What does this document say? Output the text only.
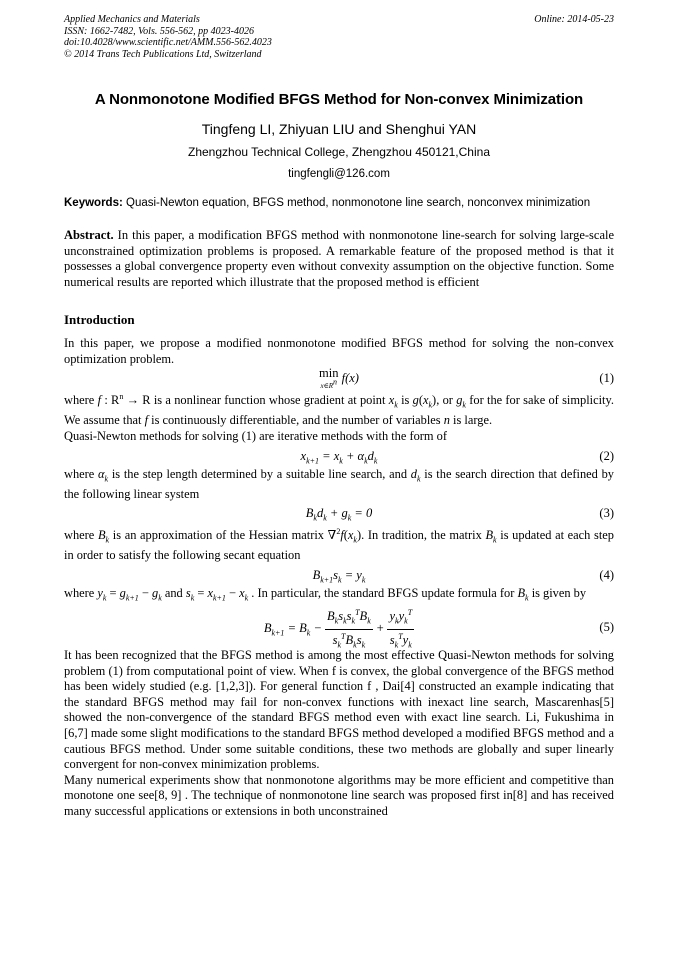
Applied Mechanics and Materials
ISSN: 1662-7482, Vols. 556-562, pp 4023-4026
doi:10.4028/www.scientific.net/AMM.556-562.4023
© 2014 Trans Tech Publications Ltd, Switzerland
Online: 2014-05-23
A Nonmonotone Modified BFGS Method for Non-convex Minimization
Tingfeng LI, Zhiyuan LIU and Shenghui YAN
Zhengzhou Technical College, Zhengzhou 450121,China
tingfengli@126.com
Keywords: Quasi-Newton equation, BFGS method, nonmonotone line search, nonconvex minimization
Abstract. In this paper, a modification BFGS method with nonmonotone line-search for solving large-scale unconstrained optimization problems is proposed. A remarkable feature of the proposed method is that it possesses a global convergence property even without convexity assumption on the objective function. Some numerical results are reported which illustrate that the proposed method is efficient
Introduction

In this paper, we propose a modified nonmonotone modified BFGS method for solving the non-convex optimization problem.

min
$x\in R^n$ f(x)	(1)

where f : $R^n \to R$ is a nonlinear function whose gradient at point $x_k$ is $g(x_k)$, or $g_k$ for the for sake of simplicity. We assume that f is continuously differentiable, and the number of variables n is large.

Quasi-Newton methods for solving (1) are iterative methods with the form of

$x_{k+1} = x_k + \alpha_kd_k$	(2)

where $\alpha_k$ is the step length determined by a suitable line search, and $d_k$ is the search direction that defined by the following linear system

$B_kd_k + g_k = 0$	(3)

where $B_k$ is an approximation of the Hessian matrix $\nabla^2f(x_k)$. In tradition, the matrix $B_k$ is updated at each step in order to satisfy the following secant equation

$B_{k+1}s_k = y_k$	(4)

where $y_k = g_{k+1} - g_k$ and $s_k = x_{k+1} - x_k$ . In particular, the standard BFGS update formula for $B_k$ is given by

$B_{k+1} = B_k - \frac{B_ks_ks_k^TB_k}{s_k^TB_ks_k} + \frac{y_ky_k^T}{s_k^Ty_k}$	(5)

It has been recognized that the BFGS method is among the most effective Quasi-Newton methods for solving problem (1) from computational point of view. When f is convex, the global convergence of the BFGS method has been widely studied (e.g. [1,2,3]). For general function f , Dai[4] constructed an example indicating that the standard BFGS method may fail for non-convex functions with inexact line search, Mascarenhas[5] showed the non-convergence of the standard BFGS method even with exact line search. Li, Fukushima in [6,7] made some slight modifications to the standard BFGS method developed a modified BFGS method and a cautious BFGS method. Under some suitable conditions, these two methods are globally and super linearly convergent for non-convex minimization problems.

Many numerical experiments show that nonmonotone algorithms may be more efficient and competitive than monotone one see[8, 9] . The technique of nonmonotone line search was proposed first in[8] and has received many successful applications or extensions in both unconstrained
